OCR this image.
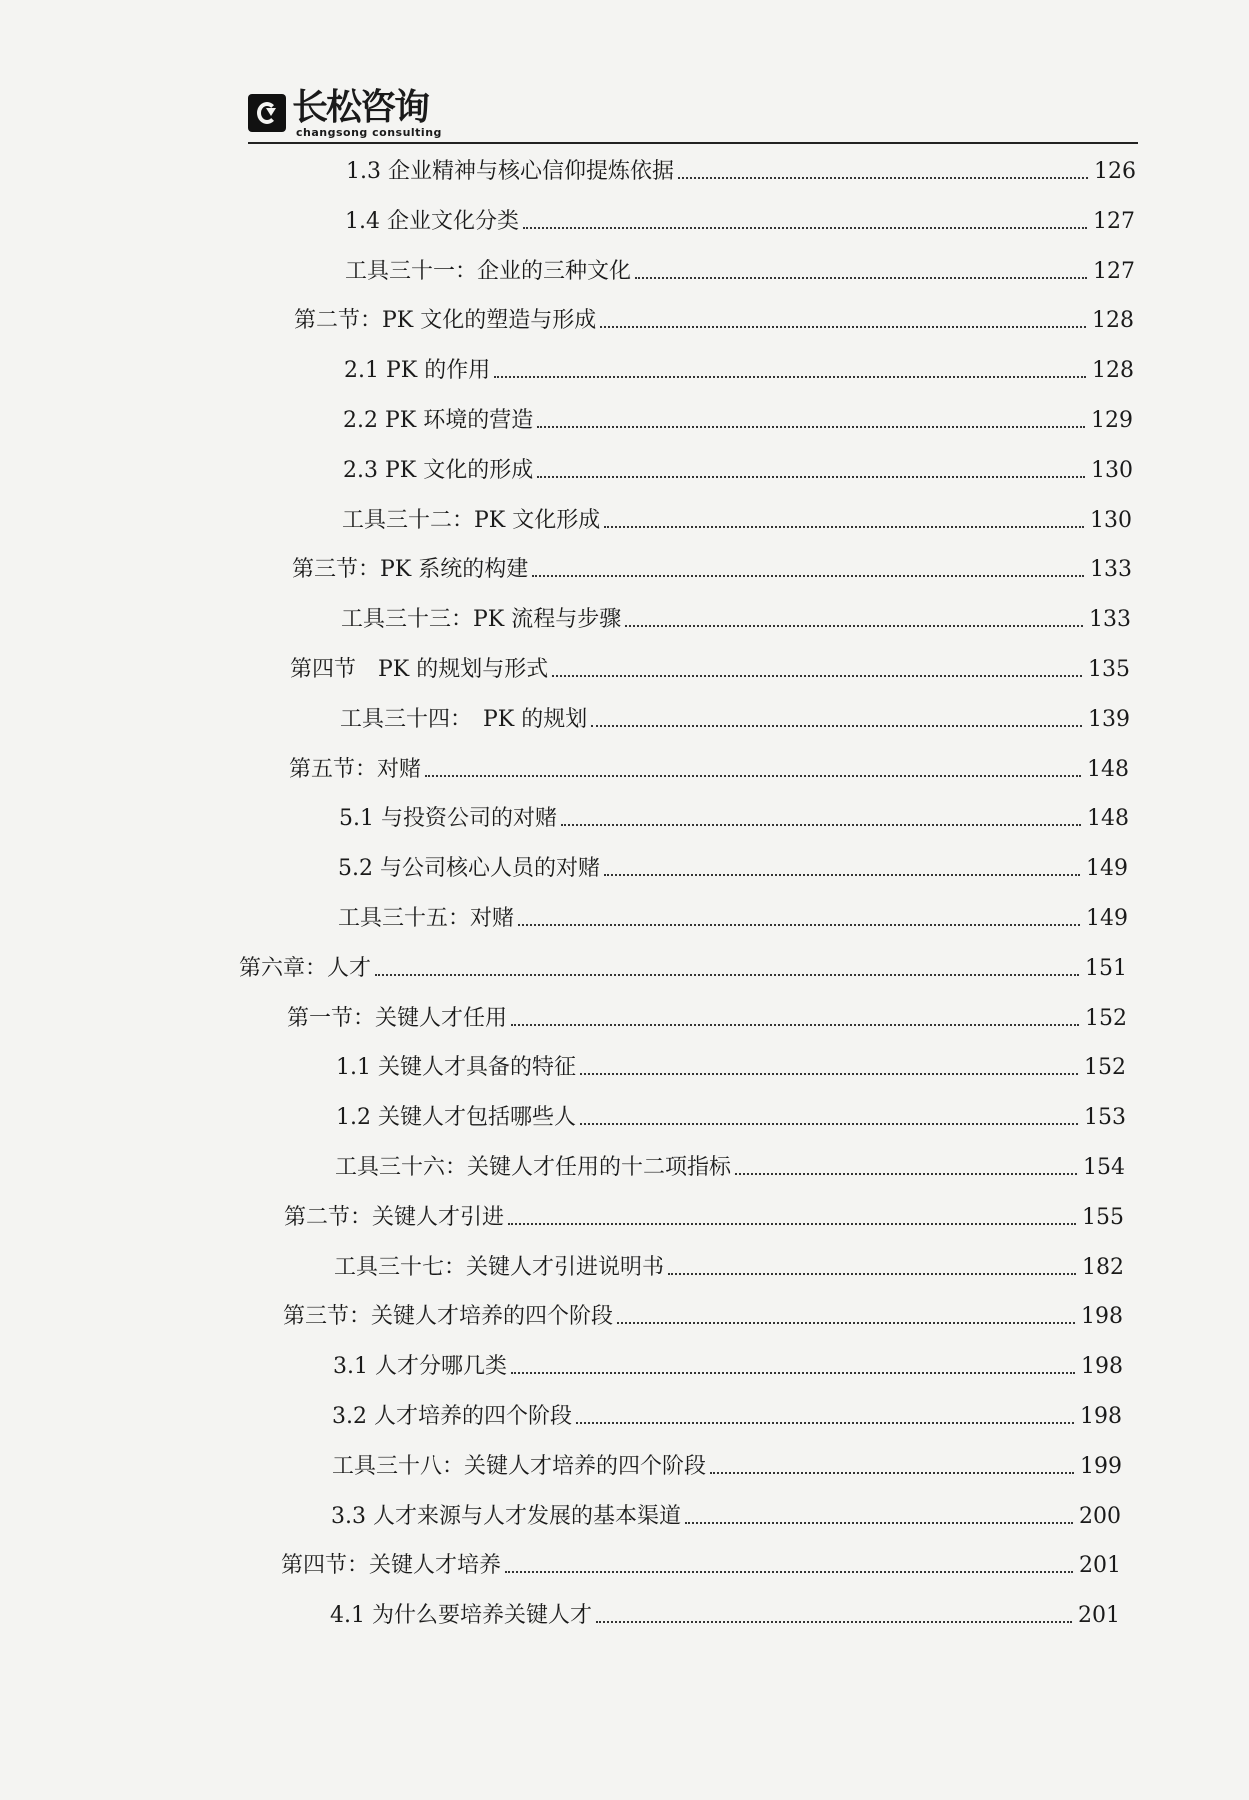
长松咨询
changsong consulting
1.3 企业精神与核心信仰提炼依据	126
1.4 企业文化分类	127
工具三十一：企业的三种文化	127
第二节：PK 文化的塑造与形成	128
2.1 PK 的作用	128
2.2 PK 环境的营造	129
2.3 PK 文化的形成	130
工具三十二：PK 文化形成	130
第三节：PK 系统的构建	133
工具三十三：PK 流程与步骤	133
第四节　PK 的规划与形式	135
工具三十四：　PK 的规划	139
第五节：对赌	148
5.1 与投资公司的对赌	148
5.2 与公司核心人员的对赌	149
工具三十五：对赌	149
第六章：人才	151
第一节：关键人才任用	152
1.1 关键人才具备的特征	152
1.2 关键人才包括哪些人	153
工具三十六：关键人才任用的十二项指标	154
第二节：关键人才引进	155
工具三十七：关键人才引进说明书	182
第三节：关键人才培养的四个阶段	198
3.1 人才分哪几类	198
3.2 人才培养的四个阶段	198
工具三十八：关键人才培养的四个阶段	199
3.3 人才来源与人才发展的基本渠道	200
第四节：关键人才培养	201
4.1 为什么要培养关键人才	201
